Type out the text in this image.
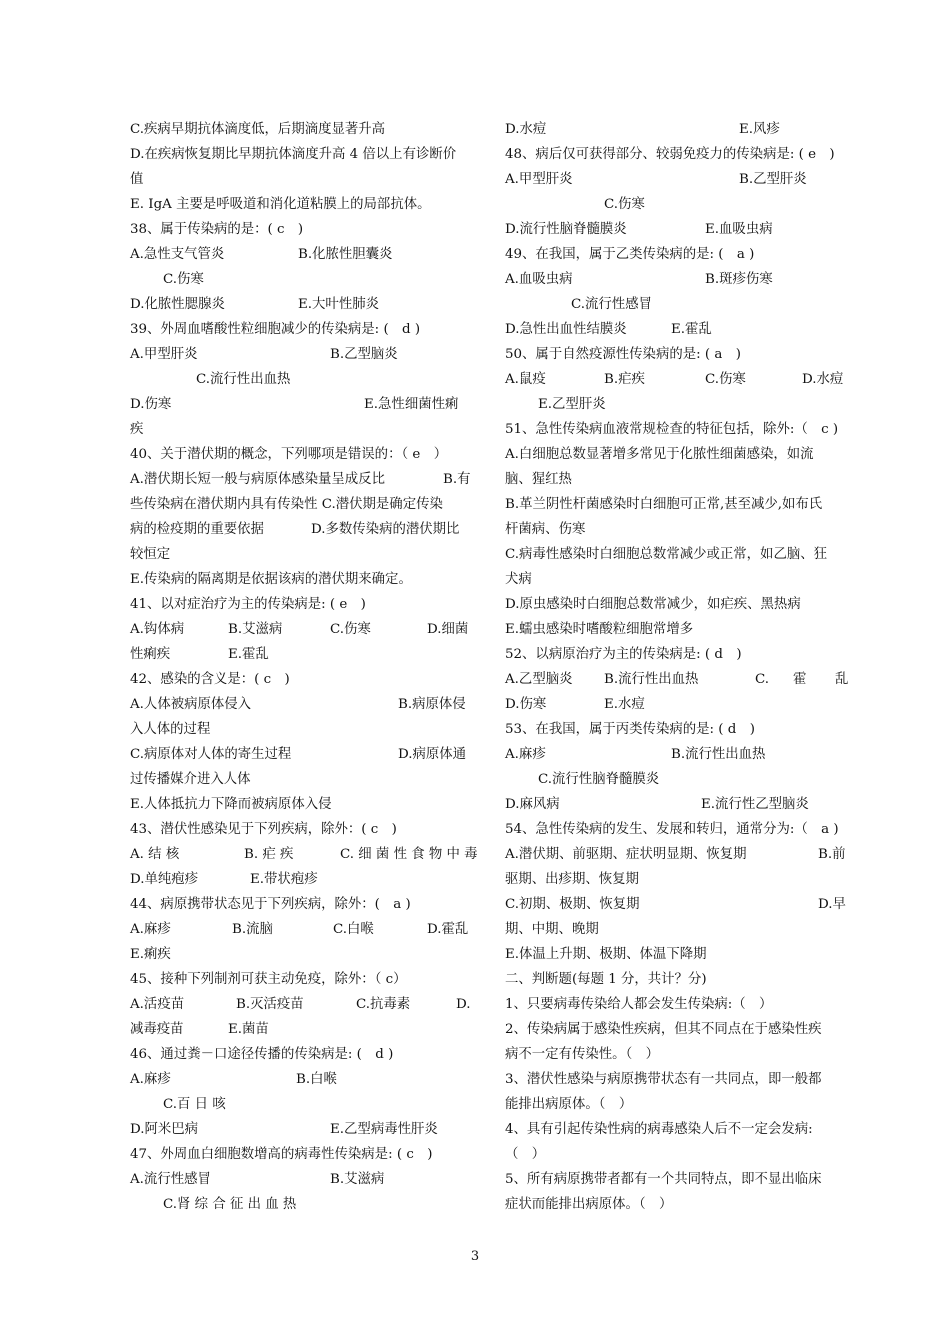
C.疾病早期抗体滴度低，后期滴度显著升高
D.在疾病恢复期比早期抗体滴度升高 4 倍以上有诊断价
值
E. IgA 主要是呼吸道和消化道粘膜上的局部抗体。
38、属于传染病的是：( c　)
A.急性支气管炎	B.化脓性胆囊炎
C.伤寒
D.化脓性腮腺炎	E.大叶性肺炎
39、外周血嗜酸性粒细胞减少的传染病是: (　d )
A.甲型肝炎	B.乙型脑炎
C.流行性出血热
D.伤寒	E.急性细菌性痢
疾
40、关于潜伏期的概念，下列哪项是错误的：（ e　）
A.潜伏期长短一般与病原体感染量呈成反比	B.有
些传染病在潜伏期内具有传染性 C.潜伏期是确定传染
病的检疫期的重要依据	D.多数传染病的潜伏期比
较恒定
E.传染病的隔离期是依据该病的潜伏期来确定。
41、以对症治疗为主的传染病是: ( e　)
A.钩体病	B.艾滋病	C.伤寒	D.细菌
性痢疾	E.霍乱
42、感染的含义是：( c　)
A.人体被病原体侵入	B.病原体侵
入人体的过程
C.病原体对人体的寄生过程	D.病原体通
过传播媒介进入人体
E.人体抵抗力下降而被病原体入侵
43、潜伏性感染见于下列疾病，除外：( c　)
A. 结 核	B. 疟 疾	C. 细 菌 性 食 物 中 毒
D.单纯疱疹	E.带状疱疹
44、病原携带状态见于下列疾病，除外：(　a )
A.麻疹	B.流脑	C.白喉	D.霍乱
E.痢疾
45、接种下列制剂可获主动免疫，除外：（ c）
A.活疫苗	B.灭活疫苗	C.抗毒素	D.
减毒疫苗	E.菌苗
46、通过粪－口途径传播的传染病是: (　d )
A.麻疹	B.白喉
C.百 日 咳
D.阿米巴病	E.乙型病毒性肝炎
47、外周血白细胞数增高的病毒性传染病是: ( c　)
A.流行性感冒	B.艾滋病
C.肾 综 合 征 出 血 热
D.水痘	E.风疹
48、病后仅可获得部分、较弱免疫力的传染病是: ( e　)
A.甲型肝炎	B.乙型肝炎
C.伤寒
D.流行性脑脊髓膜炎	E.血吸虫病
49、在我国，属于乙类传染病的是: (　a )
A.血吸虫病	B.斑疹伤寒
C.流行性感冒
D.急性出血性结膜炎	E.霍乱
50、属于自然疫源性传染病的是: ( a　)
A.鼠疫	B.疟疾	C.伤寒	D.水痘
E.乙型肝炎
51、急性传染病血液常规检查的特征包括，除外:（　c )
A.白细胞总数显著增多常见于化脓性细菌感染，如流
脑、猩红热
B.革兰阴性杆菌感染时白细胞可正常,甚至减少,如布氏
杆菌病、伤寒
C.病毒性感染时白细胞总数常减少或正常，如乙脑、狂
犬病
D.原虫感染时白细胞总数常减少，如疟疾、黑热病
E.蠕虫感染时嗜酸粒细胞常增多
52、以病原治疗为主的传染病是: ( d　)
A.乙型脑炎 B.流行性出血热	C. 霍 乱
D.伤寒	E.水痘
53、在我国，属于丙类传染病的是: ( d　)
A.麻疹	B.流行性出血热
C.流行性脑脊髓膜炎
D.麻风病	E.流行性乙型脑炎
54、急性传染病的发生、发展和转归，通常分为:（　a )
A.潜伏期、前驱期、症状明显期、恢复期	B.前
驱期、出疹期、恢复期
C.初期、极期、恢复期	D.早
期、中期、晚期
E.体温上升期、极期、体温下降期
二、判断题(每题 1 分，共计？分)
1、只要病毒传染给人都会发生传染病:（　）
2、传染病属于感染性疾病，但其不同点在于感染性疾
病不一定有传染性。（　）
3、潜伏性感染与病原携带状态有一共同点，即一般都
能排出病原体。（　）
4、具有引起传染性病的病毒感染人后不一定会发病:
（　）
5、所有病原携带者都有一个共同特点，即不显出临床
症状而能排出病原体。（　）
3
